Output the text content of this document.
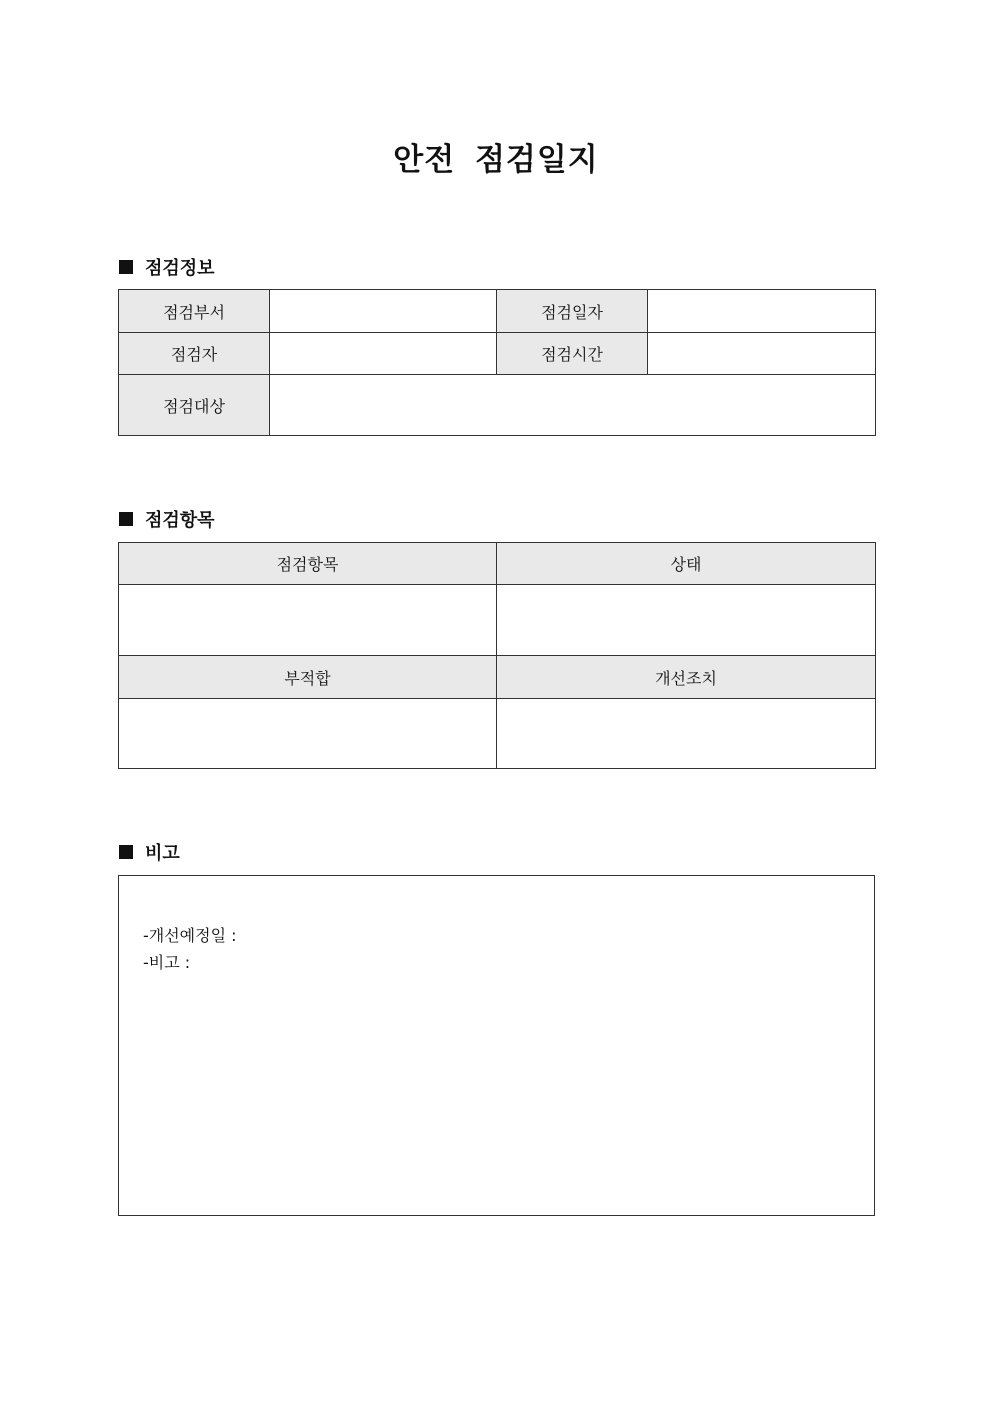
안전 점검일지
점검정보
점검부서		점검일자	
점검자		점검시간	
점검대상			
점검항목
점검항목	상태

부적합	개선조치

비고
-개선예정일 :
-비고 :
